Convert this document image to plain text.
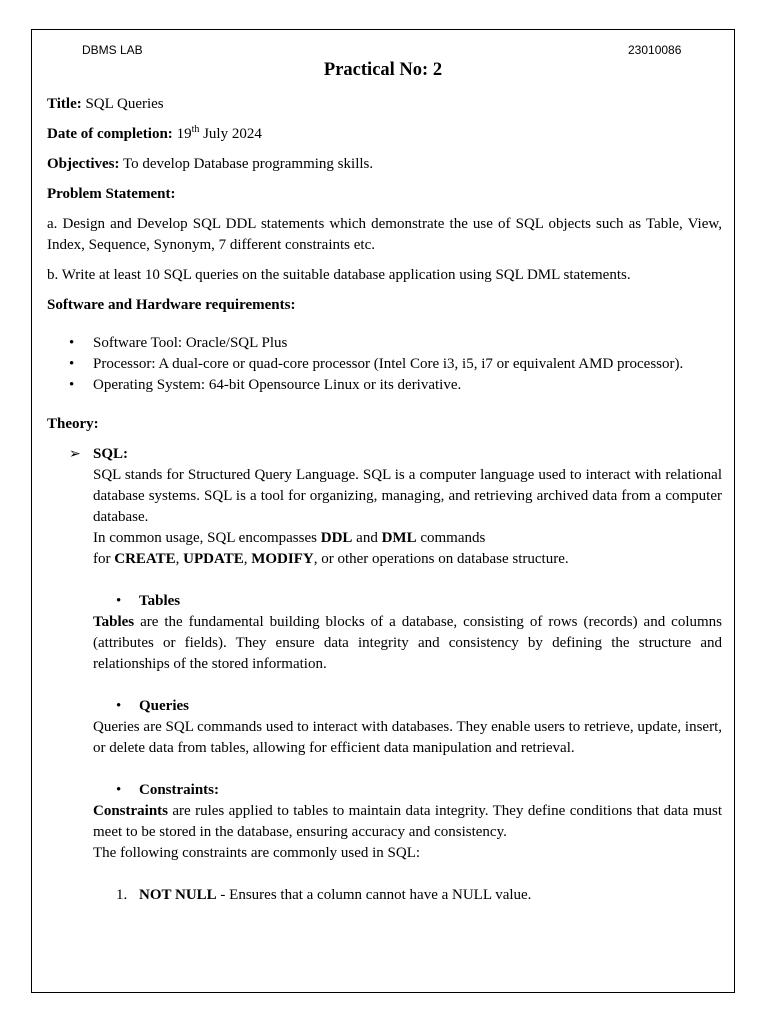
DBMS LAB	23010086
Practical No: 2

Title: SQL Queries

Date of completion: 19th July 2024

Objectives: To develop Database programming skills.

Problem Statement:

a. Design and Develop SQL DDL statements which demonstrate the use of SQL objects such as Table, View, Index, Sequence, Synonym, 7 different constraints etc.

b. Write at least 10 SQL queries on the suitable database application using SQL DML statements.

Software and Hardware requirements:

• Software Tool: Oracle/SQL Plus
• Processor: A dual-core or quad-core processor (Intel Core i3, i5, i7 or equivalent AMD processor).
• Operating System: 64-bit Opensource Linux or its derivative.

Theory:

➢ SQL:

SQL stands for Structured Query Language. SQL is a computer language used to interact with relational database systems. SQL is a tool for organizing, managing, and retrieving archived data from a computer database.

In common usage, SQL encompasses DDL and DML commands

for CREATE, UPDATE, MODIFY, or other operations on database structure.

• Tables

Tables are the fundamental building blocks of a database, consisting of rows (records) and columns (attributes or fields). They ensure data integrity and consistency by defining the structure and relationships of the stored information.

• Queries

Queries are SQL commands used to interact with databases. They enable users to retrieve, update, insert, or delete data from tables, allowing for efficient data manipulation and retrieval.

• Constraints:

Constraints are rules applied to tables to maintain data integrity. They define conditions that data must meet to be stored in the database, ensuring accuracy and consistency.

The following constraints are commonly used in SQL:

1. NOT NULL - Ensures that a column cannot have a NULL value.
